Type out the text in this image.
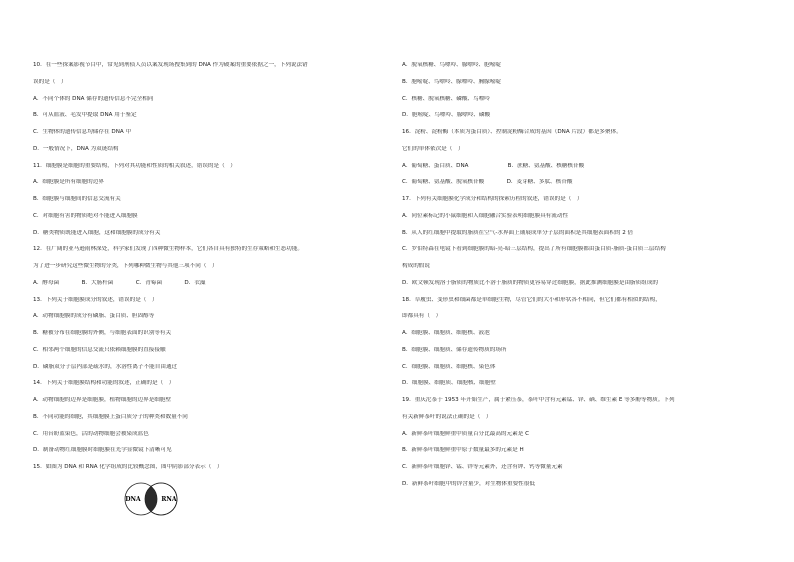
10．在一些探案影视节目中，常见到刑侦人员以案发现场搜集到的 DNA 作为破案的重要依据之一，下列说法错
误的是（　）
A．不同个体的 DNA 储存的遗传信息不完全相同
B．可从血液、毛发中提取 DNA 用于鉴定
C．生物体的遗传信息均储存在 DNA 中
D．一般情况下，DNA 为双链结构
11．细胞膜是细胞的重要结构，下列对其功能和性质的相关叙述，错误的是（　）
A．细胞膜是所有细胞的边界
B．细胞膜与细胞间的信息交流有关
C．对细胞有害的物质绝对不能进入细胞膜
D．糖类物质既能进入细胞，这和细胞膜的成分有关
12．在广阔的亚马逊雨林深处，科学家们发现了四种微生物样本，它们各自具有独特的生存策略和生态功能。
为了进一步研究这些微生物的分类，下列哪种微生物与其他三项不同（　）
A．酵母菌　　　　B．大肠杆菌　　　　C．青霉菌　　　　D．衣藻
13．下列关于细胞膜成分的叙述，错误的是（　）
A．动物细胞膜的成分有磷脂、蛋白质、胆固醇等
B．糖被分布在细胞膜的外侧，与细胞表面的识别等有关
C．相邻两个细胞的信息交流只依赖细胞膜的直接接触
D．磷脂双分子层内部是疏水的，水溶性离子不能自由通过
14．下列关于细胞膜结构和功能的叙述，正确的是（　）
A．动物细胞的边界是细胞膜，植物细胞的边界是细胞壁
B．不同功能的细胞，其细胞膜上蛋白质分子的种类和数量不同
C．用台盼蓝染色，活的动物细胞会被染成蓝色
D．制备动物红细胞膜时细胞膜在光学显微镜下清晰可见
15．如图为 DNA 和 RNA 化学组成的比较概念图，图中阴影部分表示（　）
DNA	RNA
A．脱氧核糖、鸟嘌呤、腺嘌呤、胞嘧啶
B．胞嘧啶、鸟嘌呤、腺嘌呤、胸腺嘧啶
C．核糖、脱氧核糖、磷酸、鸟嘌呤
D．胞嘧啶、鸟嘌呤、腺嘌呤、磷酸
16．淀粉、淀粉酶（本质为蛋白质）、控制淀粉酶合成的基因（DNA 片段）都是多聚体。
它们的单体依次是（　）
A．葡萄糖、蛋白质、DNA　　　　　　　B．蔗糖、氨基酸、核糖核苷酸
C．葡萄糖、氨基酸、脱氧核苷酸　　　　D．麦芽糖、多肽、核苷酸
17．下列有关细胞膜化学成分和结构的探索历程的叙述，错误的是（　）
A．同位素标记的小鼠细胞和人细胞融合实验表明细胞膜具有流动性
B．从人的红细胞中提取的脂质在空气-水界面上铺展成单分子层的面积是其细胞表面积的 2 倍
C．罗伯特森在电镜下看到细胞膜的暗-亮-暗三层结构，提出了所有细胞膜都由蛋白质-脂质-蛋白质三层结构
构成的假说
D．欧文顿发现溶于脂质的物质比不溶于脂质的物质更容易穿过细胞膜，据此推测细胞膜是由脂质组成的
18．草履虫、变形虫和细菌都是单细胞生物，尽管它们的大小和形状各不相同，但它们都有相似的结构，
即都具有（　）
A．细胞膜、细胞质、细胞核、液泡
B．细胞膜、细胞质、储存遗传物质的场所
C．细胞膜、细胞质、细胞核、染色体
D．细胞膜、细胞质、细胞核、细胞壁
19．重庆沱茶于 1953 年开始生产，属于紧压茶，茶叶中含有元素锰、锌、硒、维生素 E 等多酚等物质。下列
有关新鲜茶叶的说法正确的是（　）
A．新鲜茶叶细胞鲜重中质量百分比最高的元素是 C
B．新鲜茶叶细胞鲜重中原子数量最多的元素是 H
C．新鲜茶叶细胞锌、锰、锌等元素外，还含有钾、钙等微量元素
D．新鲜茶叶细胞中的锌含量少，对生物体重要性很低
